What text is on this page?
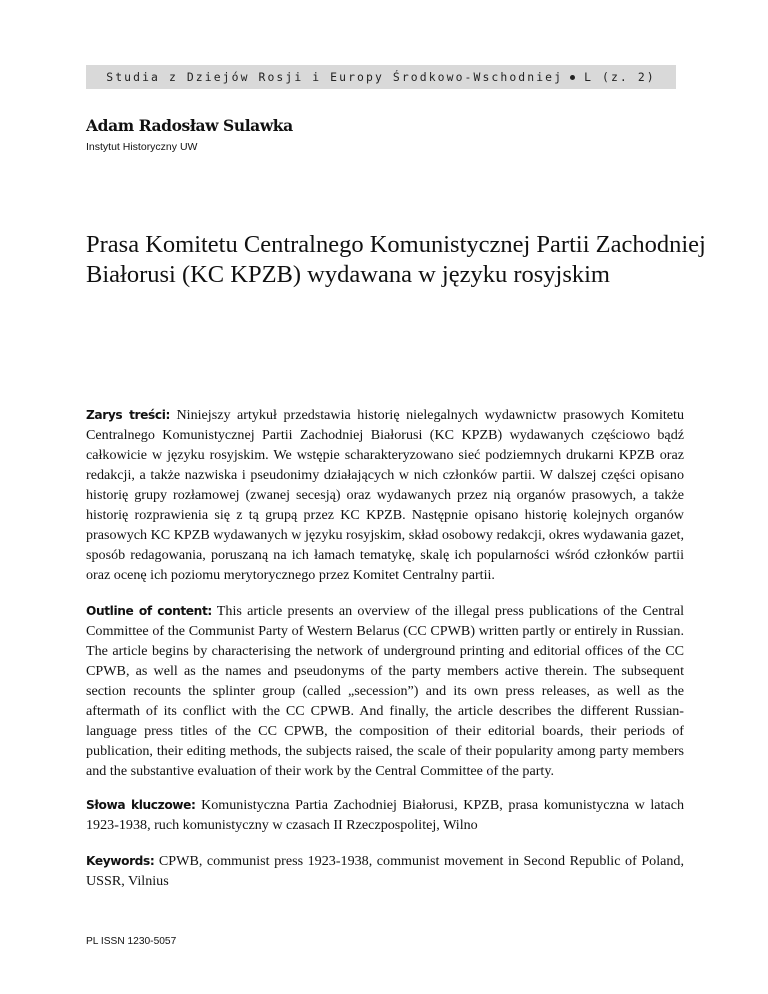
Studia z Dziejów Rosji i Europy Środkowo-Wschodniej L (z. 2)
Adam Radosław Sulawka
Instytut Historyczny UW
Prasa Komitetu Centralnego Komunistycznej Partii Zachodniej Białorusi (KC KPZB) wydawana w języku rosyjskim

Zarys treści: Niniejszy artykuł przedstawia historię nielegalnych wydawnictw prasowych Komitetu Centralnego Komunistycznej Partii Zachodniej Białorusi (KC KPZB) wydawanych częściowo bądź całkowicie w języku rosyjskim. We wstępie scharakteryzowano sieć podziemnych drukarni KPZB oraz redakcji, a także nazwiska i pseudonimy działających w nich członków partii. W dalszej części opisano historię grupy rozłamowej (zwanej secesją) oraz wydawanych przez nią organów prasowych, a także historię rozprawienia się z tą grupą przez KC KPZB. Następnie opisano historię kolejnych organów prasowych KC KPZB wydawanych w języku rosyjskim, skład osobowy redakcji, okres wydawania gazet, sposób redagowania, poruszaną na ich łamach tematykę, skalę ich popularności wśród członków partii oraz ocenę ich poziomu merytorycznego przez Komitet Centralny partii.

Outline of content: This article presents an overview of the illegal press publications of the Central Committee of the Communist Party of Western Belarus (CC CPWB) written partly or entirely in Russian. The article begins by characterising the network of underground printing and editorial offices of the CC CPWB, as well as the names and pseudonyms of the party members active therein. The subsequent section recounts the splinter group (called „secession”) and its own press releases, as well as the aftermath of its conflict with the CC CPWB. And finally, the article describes the different Russian-language press titles of the CC CPWB, the composition of their editorial boards, their periods of publication, their editing methods, the subjects raised, the scale of their popularity among party members and the substantive evaluation of their work by the Central Committee of the party.

Słowa kluczowe: Komunistyczna Partia Zachodniej Białorusi, KPZB, prasa komunistyczna w latach 1923-1938, ruch komunistyczny w czasach II Rzeczpospolitej, Wilno

Keywords: CPWB, communist press 1923-1938, communist movement in Second Republic of Poland, USSR, Vilnius

PL ISSN 1230-5057
